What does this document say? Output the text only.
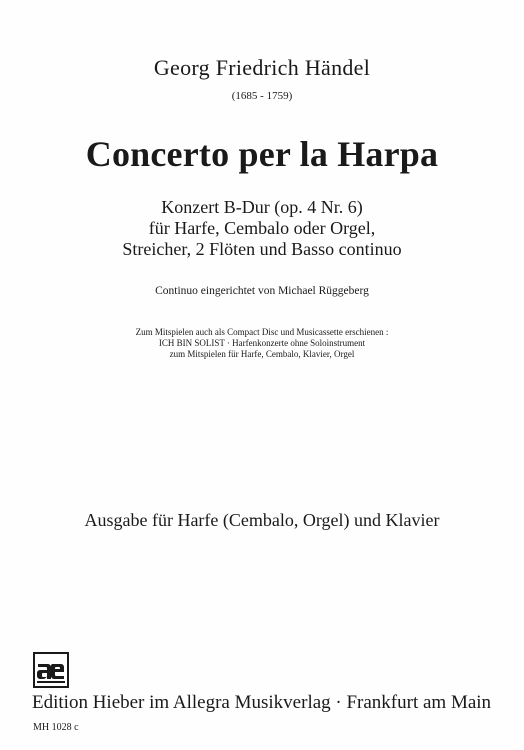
Georg Friedrich Händel
(1685 - 1759)
Concerto per la Harpa
Konzert B-Dur (op. 4 Nr. 6)
für Harfe, Cembalo oder Orgel,
Streicher, 2 Flöten und Basso continuo
Continuo eingerichtet von Michael Rüggeberg
Zum Mitspielen auch als Compact Disc und Musicassette erschienen :
ICH BIN SOLIST · Harfenkonzerte ohne Soloinstrument
zum Mitspielen für Harfe, Cembalo, Klavier, Orgel
Ausgabe für Harfe (Cembalo, Orgel) und Klavier
Edition Hieber im Allegra Musikverlag · Frankfurt am Main
MH 1028 c
